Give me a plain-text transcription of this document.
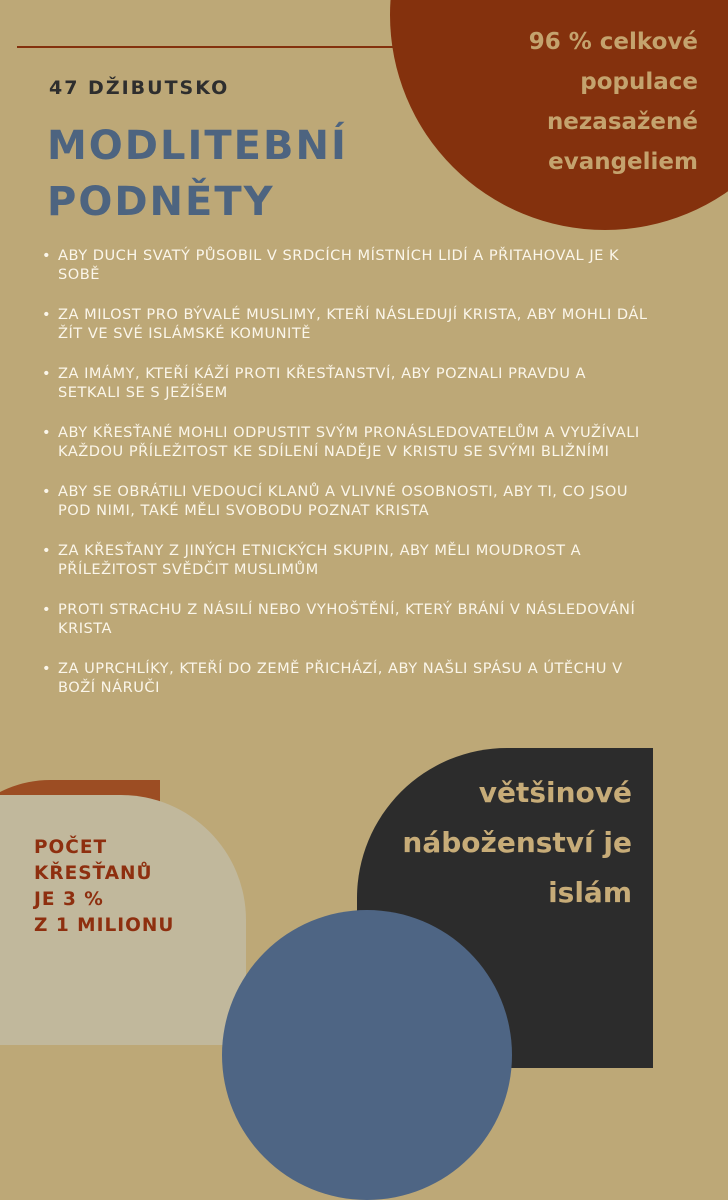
96 % celkové
populace
nezasažené
evangeliem
47 DŽIBUTSKO
MODLITEBNÍ
PODNĚTY
• ABY DUCH SVATÝ PŮSOBIL V SRDCÍCH MÍSTNÍCH LIDÍ A PŘITAHOVAL JE K SOBĚ
• ZA MILOST PRO BÝVALÉ MUSLIMY, KTEŘÍ NÁSLEDUJÍ KRISTA, ABY MOHLI DÁL ŽÍT VE SVÉ ISLÁMSKÉ KOMUNITĚ
• ZA IMÁMY, KTEŘÍ KÁŽÍ PROTI KŘESŤANSTVÍ, ABY POZNALI PRAVDU A SETKALI SE S JEŽÍŠEM
• ABY KŘESŤANÉ MOHLI ODPUSTIT SVÝM PRONÁSLEDOVATELŮM A VYUŽÍVALI KAŽDOU PŘÍLEŽITOST KE SDÍLENÍ NADĚJE V KRISTU SE SVÝMI BLIŽNÍMI
• ABY SE OBRÁTILI VEDOUCÍ KLANŮ A VLIVNÉ OSOBNOSTI, ABY TI, CO JSOU POD NIMI, TAKÉ MĚLI SVOBODU POZNAT KRISTA
• ZA KŘESŤANY Z JINÝCH ETNICKÝCH SKUPIN, ABY MĚLI MOUDROST A PŘÍLEŽITOST SVĚDČIT MUSLIMŮM
• PROTI STRACHU Z NÁSILÍ NEBO VYHOŠTĚNÍ, KTERÝ BRÁNÍ V NÁSLEDOVÁNÍ KRISTA
• ZA UPRCHLÍKY, KTEŘÍ DO ZEMĚ PŘICHÁZÍ, ABY NAŠLI SPÁSU A ÚTĚCHU V BOŽÍ NÁRUČI
POČET
KŘESŤANŮ
JE 3 %
Z 1 MILIONU
většinové
náboženství je
islám
